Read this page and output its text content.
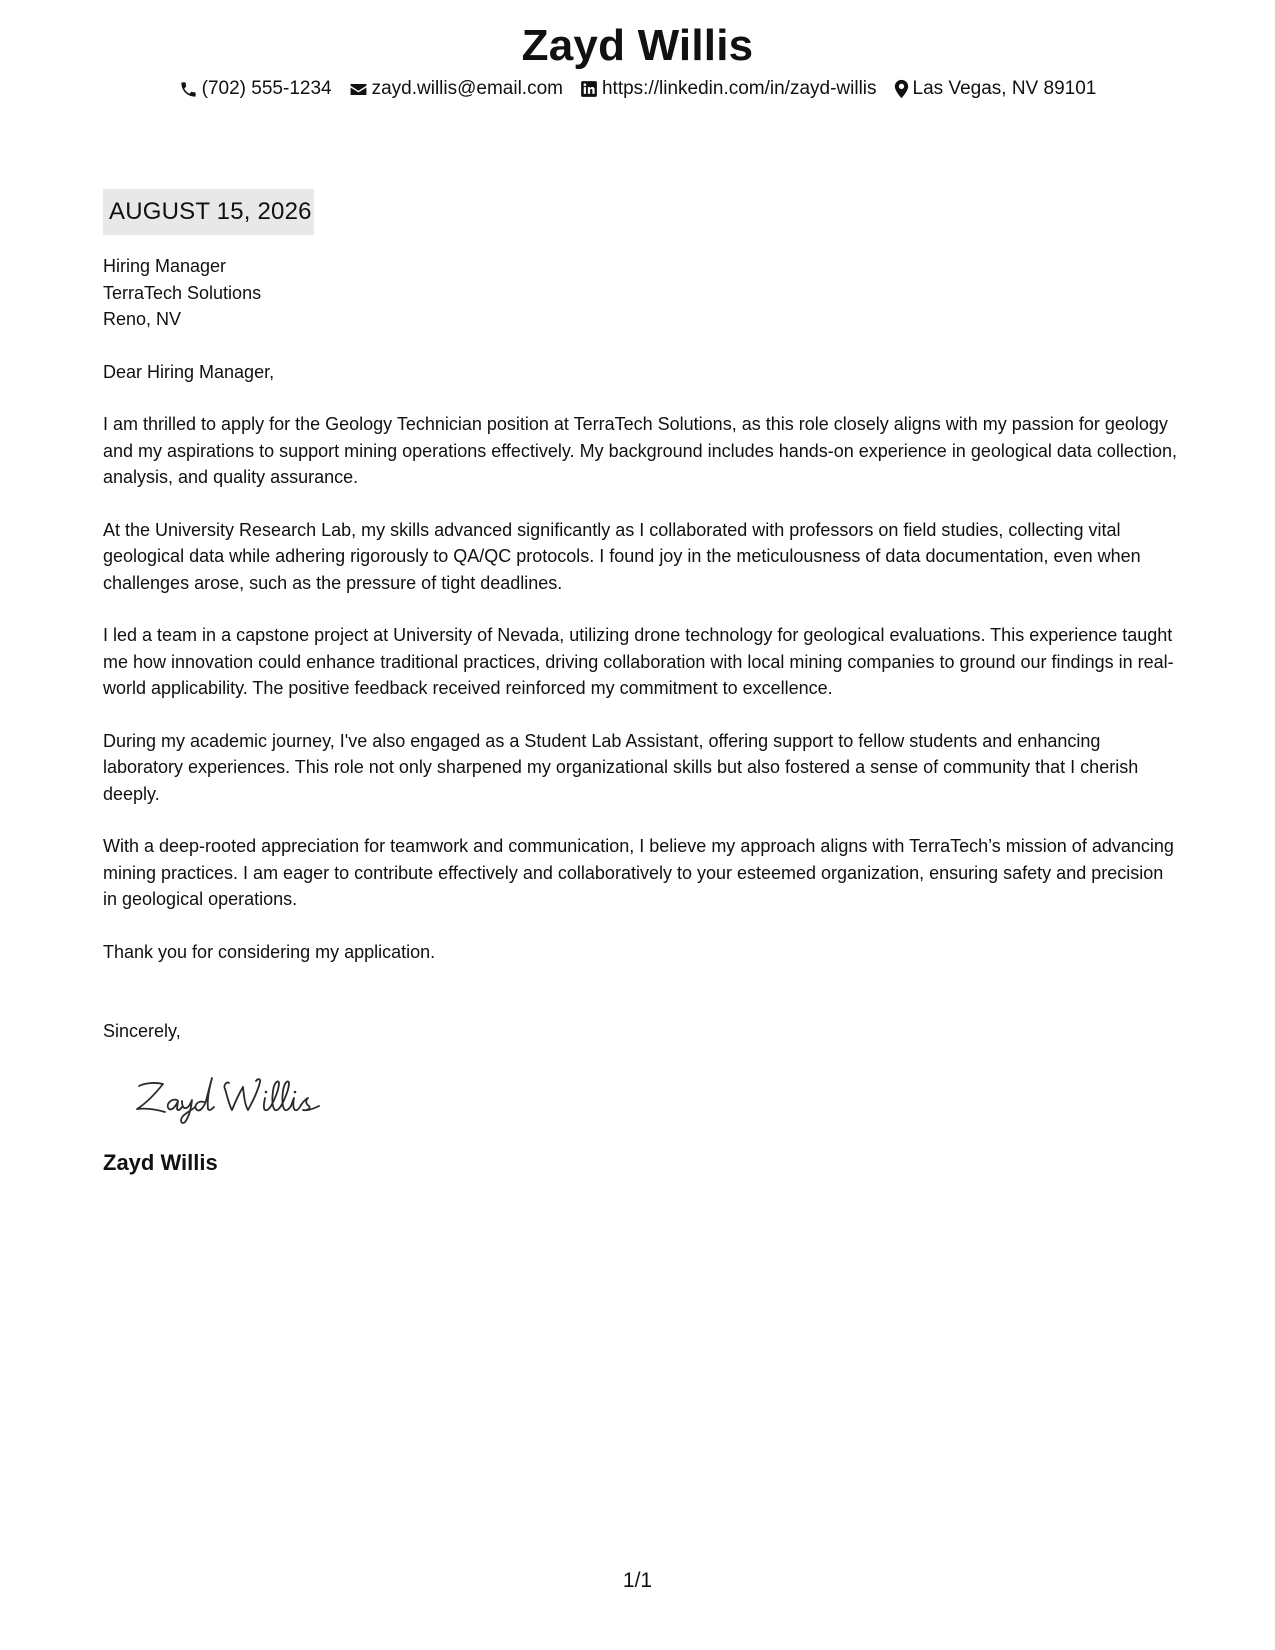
Zayd Willis
(702) 555-1234 zayd.willis@email.com https://linkedin.com/in/zayd-willis Las Vegas, NV 89101
AUGUST 15, 2026
Hiring Manager
TerraTech Solutions
Reno, NV
Dear Hiring Manager,

I am thrilled to apply for the Geology Technician position at TerraTech Solutions, as this role closely aligns with my passion for geology and my aspirations to support mining operations effectively. My background includes hands-on experience in geological data collection, analysis, and quality assurance.

At the University Research Lab, my skills advanced significantly as I collaborated with professors on field studies, collecting vital geological data while adhering rigorously to QA/QC protocols. I found joy in the meticulousness of data documentation, even when challenges arose, such as the pressure of tight deadlines.

I led a team in a capstone project at University of Nevada, utilizing drone technology for geological evaluations. This experience taught me how innovation could enhance traditional practices, driving collaboration with local mining companies to ground our findings in real-world applicability. The positive feedback received reinforced my commitment to excellence.

During my academic journey, I've also engaged as a Student Lab Assistant, offering support to fellow students and enhancing laboratory experiences. This role not only sharpened my organizational skills but also fostered a sense of community that I cherish deeply.

With a deep-rooted appreciation for teamwork and communication, I believe my approach aligns with TerraTech’s mission of advancing mining practices. I am eager to contribute effectively and collaboratively to your esteemed organization, ensuring safety and precision in geological operations.

Thank you for considering my application.

Sincerely,
Zayd Willis
1/1
